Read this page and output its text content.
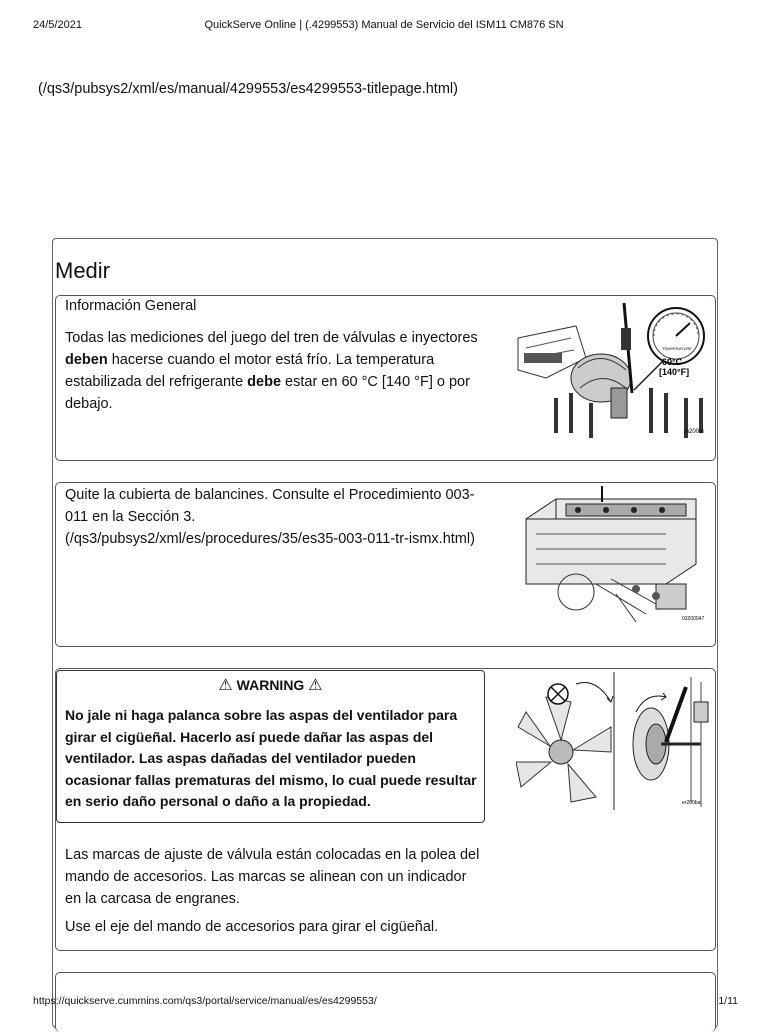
24/5/2021	QuickServe Online | (.4299553) Manual de Servicio del ISM11 CM876 SN
(/qs3/pubsys2/xml/es/manual/4299553/es4299553-titlepage.html)
Medir
Información General
Todas las mediciones del juego del tren de válvulas e inyectores deben hacerse cuando el motor está frío. La temperatura estabilizada del refrigerante debe estar en 60 °C [140 °F] o por debajo.
TEMPERATURE
60°C
[140°F]
m200ui
Quite la cubierta de balancines. Consulte el Procedimiento 003-011 en la Sección 3.
(/qs3/pubsys2/xml/es/procedures/35/es35-003-011-tr-ismx.html)
03200047
⚠ WARNING ⚠
No jale ni haga palanca sobre las aspas del ventilador para girar el cigüeñal. Hacerlo así puede dañar las aspas del ventilador. Las aspas dañadas del ventilador pueden ocasionar fallas prematuras del mismo, lo cual puede resultar en serio daño personal o daño a la propiedad.
Las marcas de ajuste de válvula están colocadas en la polea del mando de accesorios. Las marcas se alinean con un indicador en la carcasa de engranes.
Use el eje del mando de accesorios para girar el cigüeñal.
er200ba
https://quickserve.cummins.com/qs3/portal/service/manual/es/es4299553/	1/11
